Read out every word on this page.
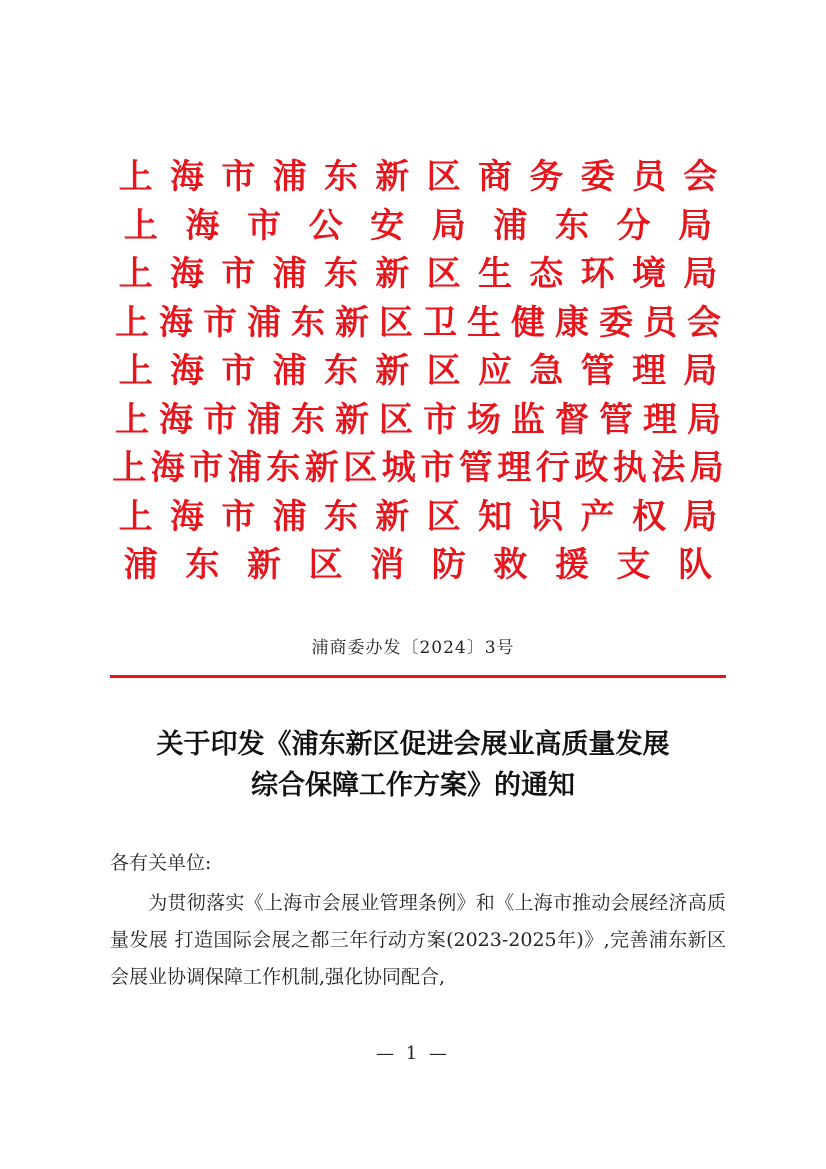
上 海 市 浦 东 新 区 商 务 委 员 会
上 海 市 公 安 局 浦 东 分 局
上 海 市 浦 东 新 区 生 态 环 境 局
上 海 市 浦 东 新 区 卫 生 健 康 委 员 会
上 海 市 浦 东 新 区 应 急 管 理 局
上 海 市 浦 东 新 区 市 场 监 督 管 理 局
上 海 市 浦 东 新 区 城 市 管 理 行 政 执 法 局
上 海 市 浦 东 新 区 知 识 产 权 局
浦 东 新 区 消 防 救 援 支 队
浦商委办发〔2024〕3号
关于印发《浦东新区促进会展业高质量发展
综合保障工作方案》的通知
各有关单位:
为贯彻落实《上海市会展业管理条例》和《上海市推动会展经济高质量发展 打造国际会展之都三年行动方案(2023-2025年)》,完善浦东新区会展业协调保障工作机制,强化协同配合,
— 1 —
